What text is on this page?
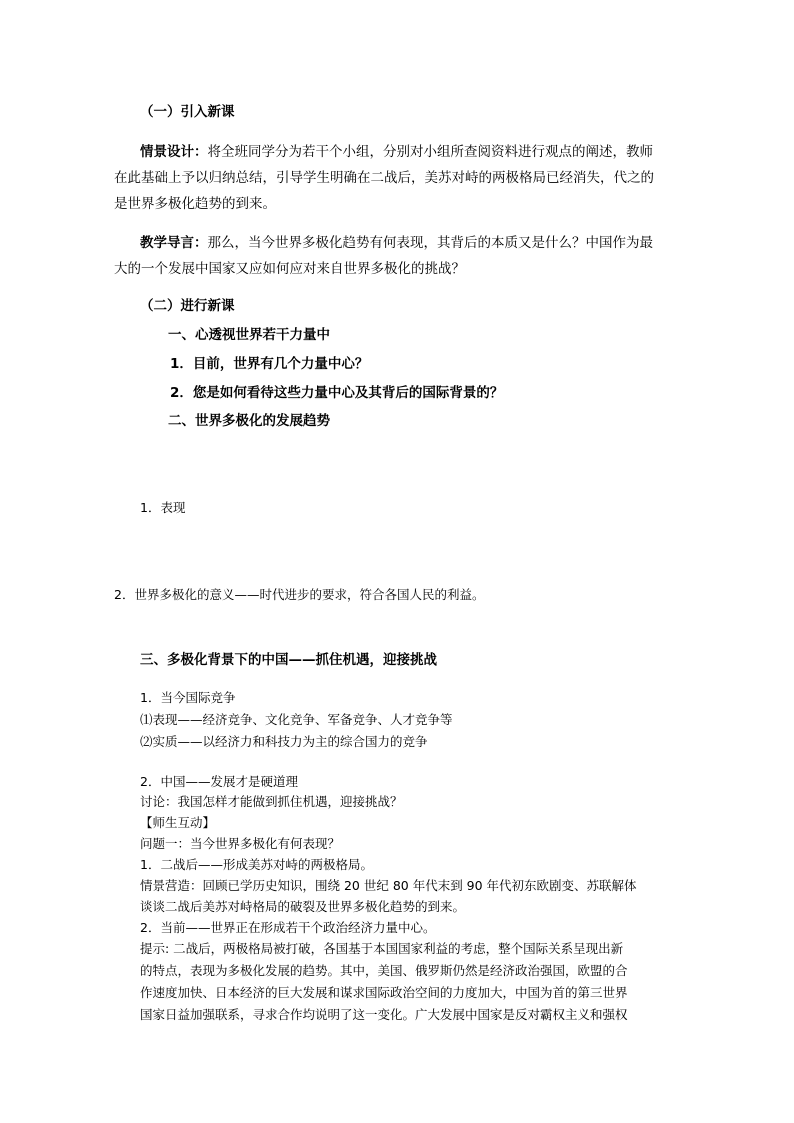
（一）引入新课
情景设计：将全班同学分为若干个小组，分别对小组所查阅资料进行观点的阐述，教师
在此基础上予以归纳总结，引导学生明确在二战后，美苏对峙的两极格局已经消失，代之的
是世界多极化趋势的到来。
教学导言：那么，当今世界多极化趋势有何表现，其背后的本质又是什么？中国作为最
大的一个发展中国家又应如何应对来自世界多极化的挑战？
（二）进行新课
一、心透视世界若干力量中
1．目前，世界有几个力量中心？
2．您是如何看待这些力量中心及其背后的国际背景的？
二、世界多极化的发展趋势
1．表现
2．世界多极化的意义——时代进步的要求，符合各国人民的利益。
三、多极化背景下的中国——抓住机遇，迎接挑战
1．当今国际竞争
⑴表现——经济竞争、文化竞争、军备竞争、人才竞争等
⑵实质——以经济力和科技力为主的综合国力的竞争
2．中国——发展才是硬道理
讨论：我国怎样才能做到抓住机遇，迎接挑战？
【师生互动】
问题一：当今世界多极化有何表现？
1．二战后——形成美苏对峙的两极格局。
情景营造：回顾已学历史知识，围绕 20 世纪 80 年代末到 90 年代初东欧剧变、苏联解体
谈谈二战后美苏对峙格局的破裂及世界多极化趋势的到来。
2．当前——世界正在形成若干个政治经济力量中心。
提示: 二战后，两极格局被打破，各国基于本国国家利益的考虑，整个国际关系呈现出新
的特点，表现为多极化发展的趋势。其中，美国、俄罗斯仍然是经济政治强国，欧盟的合
作速度加快、日本经济的巨大发展和谋求国际政治空间的力度加大，中国为首的第三世界
国家日益加强联系，寻求合作均说明了这一变化。广大发展中国家是反对霸权主义和强权
